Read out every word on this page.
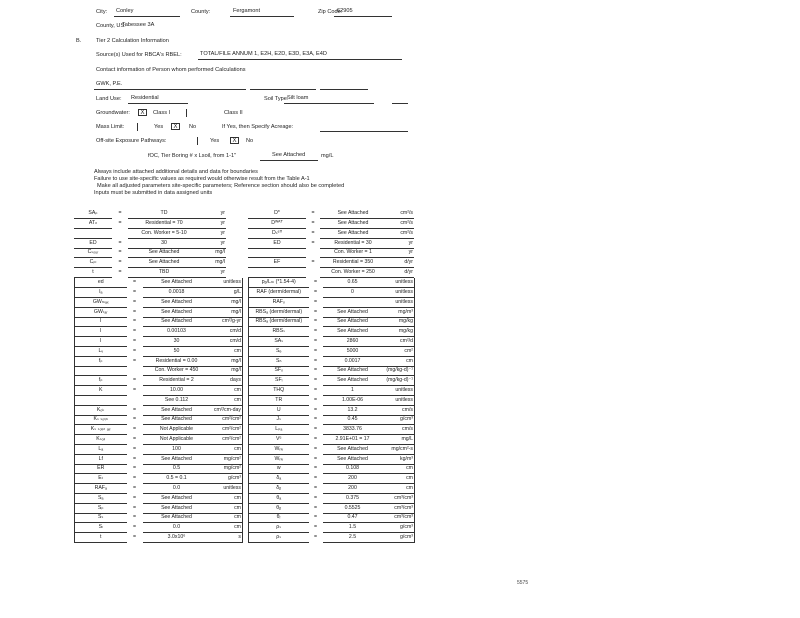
City: Conley	County:	Fergamont	Zip Code:
62905
County, US:
Tabessee 3A
B.	Tier 2 Calculation Information
Source(s) Used for RBCA's RBEL:	TOTAL/FILE ANNUM 1, E2H, E2D, E3D, E3A, E4D
Contact information of Person whom performed Calculations
GWK, P.E.
Land Use: Residential	Soil Type:
Silt loam
Groundwater:	X	Class I	Class II
Mass Limit:	Yes	X	No	If Yes, then Specify Acreage:
Off-site Exposure Pathways:	Yes	X	No
fOC, Tier Boring # x Lsoil, from 1-1"	See Attached	mg/L
Always include attached additional details and data for boundaries
Failure to use site-specific values as required would otherwise result from the Table A-1
Make all adjusted parameters site-specific parameters; Reference section should also be completed
Inputs must be submitted in data assigned units
SAₚ	=	TD	yr
ATₙ	=	Residential = 70	yr
		Con. Worker = 5-10	yr
ED	=	30	yr
Cₛₒᵤᵣ	=	See Attached	mg/l
Cₚₗ	=	See Attached	mg/l
t	=	TBD	yr
ed	=	See Attached	unitless
Iₐ	=	0.0018	g/L
GWₘₐₓ	=	See Attached	mg/l
GWₜₐᵣ	=	See Attached	mg/l
I	=	See Attached	cm²/g-yr
I	=	0.00103	cm/d
I	=	30	cm/d
Lᵥ	=	50	cm
fₚ	=	Residential = 0.00	mg/l
		Con. Worker = 450	mg/l
fₚ	=	Residential = 2	days
K	=	10.00	cm
		See 0.112	cm
Kₒₖ	=	See Attached	cm²/cm-day
Kₛ ₛₒₗᵢₙ	=	See Attached	cm²/cm²
Kₛ ₛₒₗᵢₙ ₐᵢᵣ	=	Not Applicable	cm²/cm²
Kₛₒᵢₗ	=	Not Applicable	cm²/cm²
Lₐ	=	100	cm
Lf	=	See Attached	mg/cm²
ER	=	0.5	mg/cm²
Eₜ	=	0.5 = 0.1	g/cm³
RAFₐ	=	0.0	unitless
Sₐ	=	See Attached	cm
Sₚ	=	See Attached	cm
Sₛ	=	See Attached	cm
Sₗ	=	0.0	cm
t	=	3.0x10⁶	s
D*	=	See Attached	cm²/s
Dᵂᴬᵀ	=	See Attached	cm²/s
Dₛᵉᶠᶠ	=	See Attached	cm²/s
ED	=	Residential = 30	yr
		Con. Worker = 1	yr
EF	=	Residential = 350	d/yr
		Con. Worker = 250	d/yr
pᵦ/Lₘ (*1.54-4)	=	0.65	unitless
RAF (derm/dermal)	=	0	unitless
RAFₒ	=		unitless
RBSₐ (derm/dermal)	=	See Attached	mg/m³
RBSₐ (derm/dermal)	=	See Attached	mg/kg
RBSₛ	=	See Attached	mg/kg
SAₛ	=	2860	cm²/d
Sₑ	=	5000	cm²
Sₙ	=	0.0017	cm
SFₒ	=	See Attached	(mg/kg-d)⁻¹
SFᵢ	=	See Attached	(mg/kg-d)⁻¹
THQ	=	1	unitless
TR	=	1.00E-06	unitless
U	=	13.2	cm/s
Jₛ	=	0.45	g/cm³
Lₚₐ	=	3833.76	cm/s
Vᵉ	=	2.91E+01 = 17	mg/L
Wᵣᵢᵥ	=	See Attached	mg/cm²-s
Wᵣᵢᵥ	=	See Attached	kg/m³
w	=	0.108	cm
δₐ	=	200	cm
δᵦ	=	200	cm
θₐ	=	0.375	cm³/cm³
θᵦ	=	0.5525	cm³/cm³
θᵣ	=	0.47	cm³/cm³
ρₛ	=	1.5	g/cm³
ρₛ	=	2.5	g/cm³
5575
